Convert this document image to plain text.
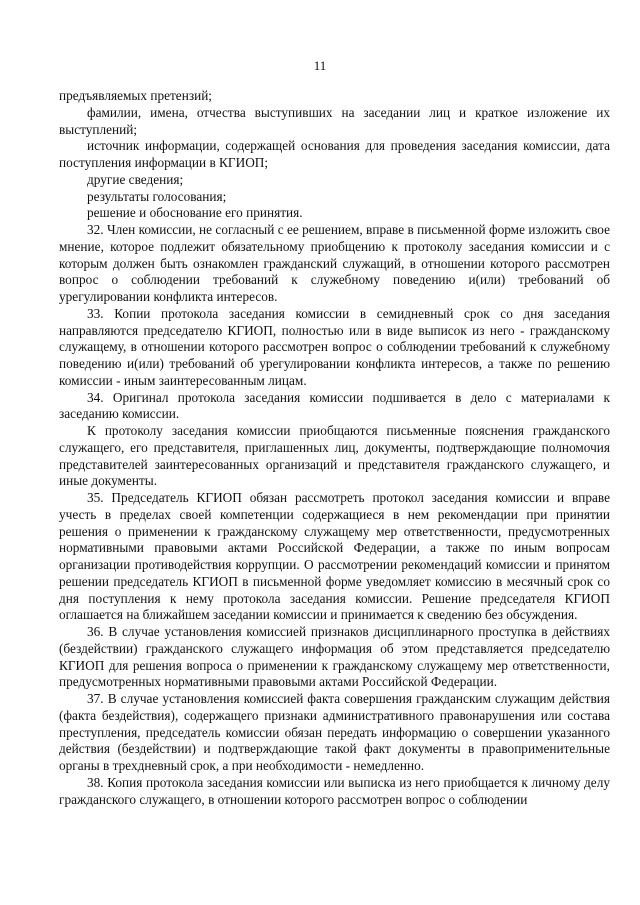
11

предъявляемых претензий;

фамилии, имена, отчества выступивших на заседании лиц и краткое изложение их выступлений;

источник информации, содержащей основания для проведения заседания комиссии, дата поступления информации в КГИОП;

другие сведения;

результаты голосования;

решение и обоснование его принятия.

32. Член комиссии, не согласный с ее решением, вправе в письменной форме изложить свое мнение, которое подлежит обязательному приобщению к протоколу заседания комиссии и с которым должен быть ознакомлен гражданский служащий, в отношении которого рассмотрен вопрос о соблюдении требований к служебному поведению и(или) требований об урегулировании конфликта интересов.

33. Копии протокола заседания комиссии в семидневный срок со дня заседания направляются председателю КГИОП, полностью или в виде выписок из него - гражданскому служащему, в отношении которого рассмотрен вопрос о соблюдении требований к служебному поведению и(или) требований об урегулировании конфликта интересов, а также по решению комиссии - иным заинтересованным лицам.

34. Оригинал протокола заседания комиссии подшивается в дело с материалами к заседанию комиссии.

К протоколу заседания комиссии приобщаются письменные пояснения гражданского служащего, его представителя, приглашенных лиц, документы, подтверждающие полномочия представителей заинтересованных организаций и представителя гражданского служащего, и иные документы.

35. Председатель КГИОП обязан рассмотреть протокол заседания комиссии и вправе учесть в пределах своей компетенции содержащиеся в нем рекомендации при принятии решения о применении к гражданскому служащему мер ответственности, предусмотренных нормативными правовыми актами Российской Федерации, а также по иным вопросам организации противодействия коррупции. О рассмотрении рекомендаций комиссии и принятом решении председатель КГИОП в письменной форме уведомляет комиссию в месячный срок со дня поступления к нему протокола заседания комиссии. Решение председателя КГИОП оглашается на ближайшем заседании комиссии и принимается к сведению без обсуждения.

36. В случае установления комиссией признаков дисциплинарного проступка в действиях (бездействии) гражданского служащего информация об этом представляется председателю КГИОП для решения вопроса о применении к гражданскому служащему мер ответственности, предусмотренных нормативными правовыми актами Российской Федерации.

37. В случае установления комиссией факта совершения гражданским служащим действия (факта бездействия), содержащего признаки административного правонарушения или состава преступления, председатель комиссии обязан передать информацию о совершении указанного действия (бездействии) и подтверждающие такой факт документы в правоприменительные органы в трехдневный срок, а при необходимости - немедленно.

38. Копия протокола заседания комиссии или выписка из него приобщается к личному делу гражданского служащего, в отношении которого рассмотрен вопрос о соблюдении
